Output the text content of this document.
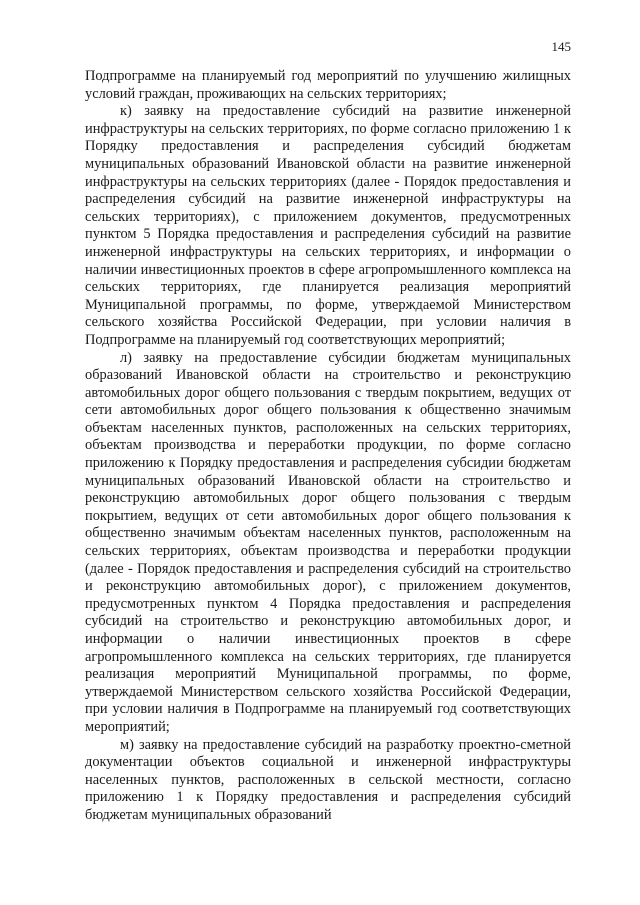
145

Подпрограмме на планируемый год мероприятий по улучшению жилищных условий граждан, проживающих на сельских территориях;

к) заявку на предоставление субсидий на развитие инженерной инфраструктуры на сельских территориях, по форме согласно приложению 1 к Порядку предоставления и распределения субсидий бюджетам муниципальных образований Ивановской области на развитие инженерной инфраструктуры на сельских территориях (далее - Порядок предоставления и распределения субсидий на развитие инженерной инфраструктуры на сельских территориях), с приложением документов, предусмотренных пунктом 5 Порядка предоставления и распределения субсидий на развитие инженерной инфраструктуры на сельских территориях, и информации о наличии инвестиционных проектов в сфере агропромышленного комплекса на сельских территориях, где планируется реализация мероприятий Муниципальной программы, по форме, утверждаемой Министерством сельского хозяйства Российской Федерации, при условии наличия в Подпрограмме на планируемый год соответствующих мероприятий;

л) заявку на предоставление субсидии бюджетам муниципальных образований Ивановской области на строительство и реконструкцию автомобильных дорог общего пользования с твердым покрытием, ведущих от сети автомобильных дорог общего пользования к общественно значимым объектам населенных пунктов, расположенных на сельских территориях, объектам производства и переработки продукции, по форме согласно приложению к Порядку предоставления и распределения субсидии бюджетам муниципальных образований Ивановской области на строительство и реконструкцию автомобильных дорог общего пользования с твердым покрытием, ведущих от сети автомобильных дорог общего пользования к общественно значимым объектам населенных пунктов, расположенным на сельских территориях, объектам производства и переработки продукции (далее - Порядок предоставления и распределения субсидий на строительство и реконструкцию автомобильных дорог), с приложением документов, предусмотренных пунктом 4 Порядка предоставления и распределения субсидий на строительство и реконструкцию автомобильных дорог, и информации о наличии инвестиционных проектов в сфере агропромышленного комплекса на сельских территориях, где планируется реализация мероприятий Муниципальной программы, по форме, утверждаемой Министерством сельского хозяйства Российской Федерации, при условии наличия в Подпрограмме на планируемый год соответствующих мероприятий;

м) заявку на предоставление субсидий на разработку проектно-сметной документации объектов социальной и инженерной инфраструктуры населенных пунктов, расположенных в сельской местности, согласно приложению 1 к Порядку предоставления и распределения субсидий бюджетам муниципальных образований
